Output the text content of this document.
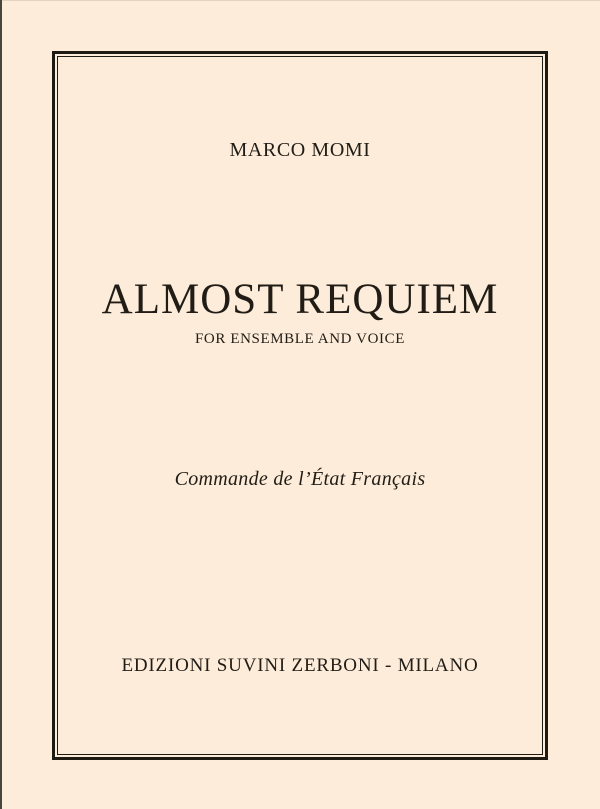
MARCO MOMI
ALMOST REQUIEM
FOR ENSEMBLE AND VOICE
Commande de l’État Français
EDIZIONI SUVINI ZERBONI - MILANO
